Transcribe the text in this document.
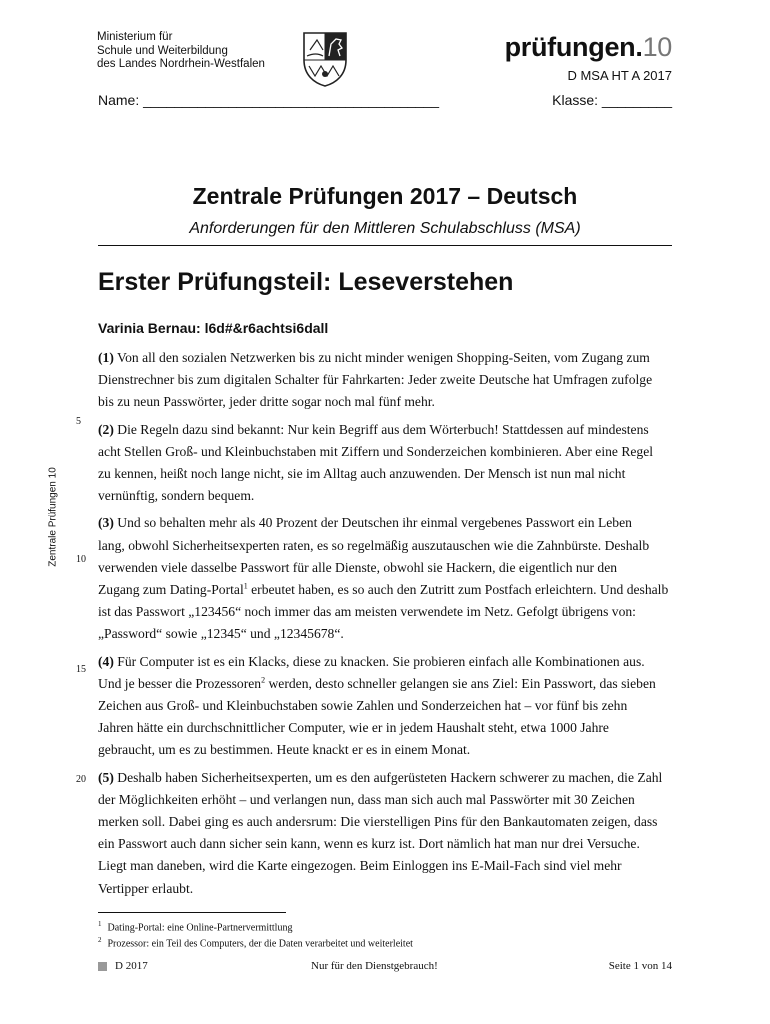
Ministerium für
Schule und Weiterbildung
des Landes Nordrhein-Westfalen
prüfungen.10
D MSA HT A 2017
Name: ______________________________________	Klasse: _________
Zentrale Prüfungen 2017 – Deutsch
Anforderungen für den Mittleren Schulabschluss (MSA)
Erster Prüfungsteil: Leseverstehen
Varinia Bernau: l6d#&r6achtsi6dall
Zentrale Prüfungen 10
5
10
15
20

(1) Von all den sozialen Netzwerken bis zu nicht minder wenigen Shopping-Seiten, vom Zugang zum
Dienstrechner bis zum digitalen Schalter für Fahrkarten: Jeder zweite Deutsche hat Umfragen zufolge
bis zu neun Passwörter, jeder dritte sogar noch mal fünf mehr.

(2) Die Regeln dazu sind bekannt: Nur kein Begriff aus dem Wörterbuch! Stattdessen auf mindestens
acht Stellen Groß- und Kleinbuchstaben mit Ziffern und Sonderzeichen kombinieren. Aber eine Regel
zu kennen, heißt noch lange nicht, sie im Alltag auch anzuwenden. Der Mensch ist nun mal nicht
vernünftig, sondern bequem.

(3) Und so behalten mehr als 40 Prozent der Deutschen ihr einmal vergebenes Passwort ein Leben
lang, obwohl Sicherheitsexperten raten, es so regelmäßig auszutauschen wie die Zahnbürste. Deshalb
verwenden viele dasselbe Passwort für alle Dienste, obwohl sie Hackern, die eigentlich nur den
Zugang zum Dating-Portal$^1$ erbeutet haben, es so auch den Zutritt zum Postfach erleichtern. Und deshalb
ist das Passwort „123456“ noch immer das am meisten verwendete im Netz. Gefolgt übrigens von:
„Password“ sowie „12345“ und „12345678“.

(4) Für Computer ist es ein Klacks, diese zu knacken. Sie probieren einfach alle Kombinationen aus.
Und je besser die Prozessoren$^2$ werden, desto schneller gelangen sie ans Ziel: Ein Passwort, das sieben
Zeichen aus Groß- und Kleinbuchstaben sowie Zahlen und Sonderzeichen hat – vor fünf bis zehn
Jahren hätte ein durchschnittlicher Computer, wie er in jedem Haushalt steht, etwa 1000 Jahre
gebraucht, um es zu bestimmen. Heute knackt er es in einem Monat.

(5) Deshalb haben Sicherheitsexperten, um es den aufgerüsteten Hackern schwerer zu machen, die Zahl
der Möglichkeiten erhöht – und verlangen nun, dass man sich auch mal Passwörter mit 30 Zeichen
merken soll. Dabei ging es auch andersrum: Die vierstelligen Pins für den Bankautomaten zeigen, dass
ein Passwort auch dann sicher sein kann, wenn es kurz ist. Dort nämlich hat man nur drei Versuche.
Liegt man daneben, wird die Karte eingezogen. Beim Einloggen ins E-Mail-Fach sind viel mehr
Vertipper erlaubt.

$^1$ Dating-Portal: eine Online-Partnervermittlung
$^2$ Prozessor: ein Teil des Computers, der die Daten verarbeitet und weiterleitet
D 2017	Nur für den Dienstgebrauch!	Seite 1 von 14
